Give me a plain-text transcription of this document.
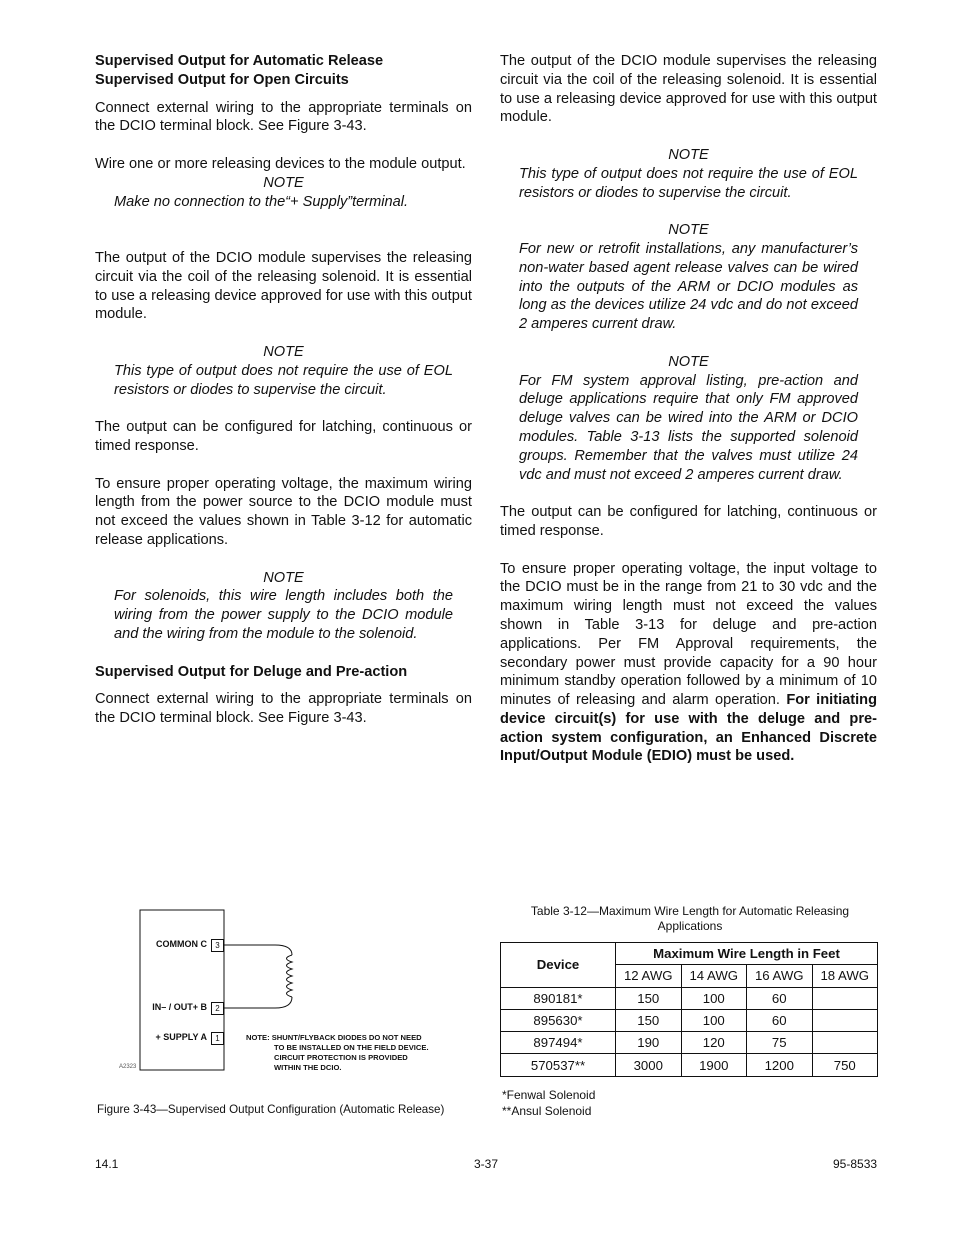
Supervised Output for Automatic Release

Supervised Output for Open Circuits

Connect external wiring to the appropriate terminals on the DCIO terminal block. See Figure 3-43.

Wire one or more releasing devices to the module output.

NOTE

Make no connection to the“+ Supply”terminal.

The output of the DCIO module supervises the releasing circuit via the coil of the releasing solenoid. It is essential to use a releasing device approved for use with this output module.

NOTE

This type of output does not require the use of EOL resistors or diodes to supervise the circuit.

The output can be configured for latching, continuous or timed response.

To ensure proper operating voltage, the maximum wiring length from the power source to the DCIO module must not exceed the values shown in Table 3-12 for automatic release applications.

NOTE

For solenoids, this wire length includes both the wiring from the power supply to the DCIO module and the wiring from the module to the solenoid.

Supervised Output for Deluge and Pre-action

Connect external wiring to the appropriate terminals on the DCIO terminal block. See Figure 3-43.

The output of the DCIO module supervises the releasing circuit via the coil of the releasing solenoid. It is essential to use a releasing device approved for use with this output module.

NOTE

This type of output does not require the use of EOL resistors or diodes to supervise the circuit.

NOTE

For new or retrofit installations, any manufacturer’s non-water based agent release valves can be wired into the outputs of the ARM or DCIO modules as long as the devices utilize 24 vdc and do not exceed 2 amperes current draw.

NOTE

For FM system approval listing, pre-action and deluge applications require that only FM approved deluge valves can be wired into the ARM or DCIO modules. Table 3-13 lists the supported solenoid groups. Remember that the valves must utilize 24 vdc and must not exceed 2 amperes current draw.

The output can be configured for latching, continuous or timed response.

To ensure proper operating voltage, the input voltage to the DCIO must be in the range from 21 to 30 vdc and the maximum wiring length must not exceed the values shown in Table 3-13 for deluge and pre-action applications. Per FM Approval requirements, the secondary power must provide capacity for a 90 hour minimum standby operation followed by a minimum of 10 minutes of releasing and alarm operation. For initiating device circuit(s) for use with the deluge and pre-action system configuration, an Enhanced Discrete Input/Output Module (EDIO) must be used.

COMMON C	3
IN– / OUT+ B	2
+ SUPPLY A	1	NOTE: SHUNT/FLYBACK DIODES DO NOT NEED
TO BE INSTALLED ON THE FIELD DEVICE.
CIRCUIT PROTECTION IS PROVIDED
WITHIN THE DCIO.
A2323
Figure 3-43—Supervised Output Configuration (Automatic Release)
Table 3-12—Maximum Wire Length for Automatic Releasing
Applications
Device	Maximum Wire Length in Feet			
	12 AWG	14 AWG	16 AWG	18 AWG
890181*	150	100	60	
895630*	150	100	60	
897494*	190	120	75	
570537**	3000	1900	1200	750
*Fenwal Solenoid
**Ansul Solenoid
14.1	3-37	95-8533
